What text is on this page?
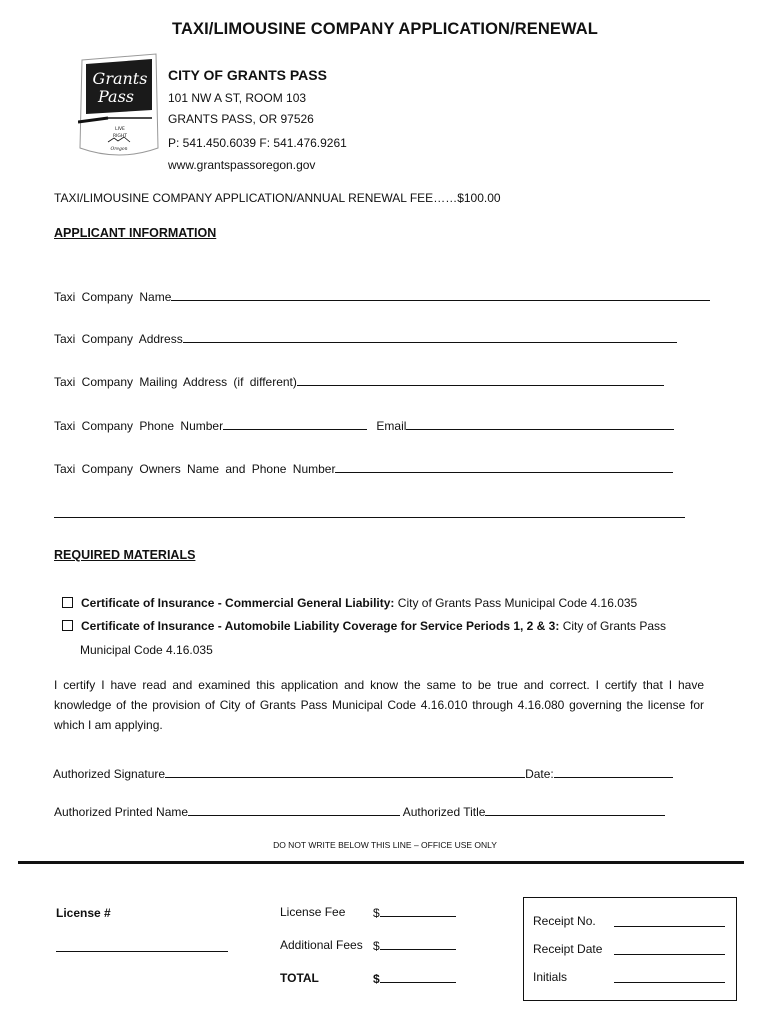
TAXI/LIMOUSINE COMPANY APPLICATION/RENEWAL
Grants
Pass
LIVE
RIGHT
Oregon
CITY OF GRANTS PASS
101 NW A ST, ROOM 103
GRANTS PASS, OR 97526
P: 541.450.6039 F: 541.476.9261
www.grantspassoregon.gov
TAXI/LIMOUSINE COMPANY APPLICATION/ANNUAL RENEWAL FEE……$100.00
APPLICANT INFORMATION
Taxi Company Name
Taxi Company Address
Taxi Company Mailing Address (if different)
Taxi Company Phone Number	Email
Taxi Company Owners Name and Phone Number
REQUIRED MATERIALS
Certificate of Insurance - Commercial General Liability: City of Grants Pass Municipal Code 4.16.035
Certificate of Insurance - Automobile Liability Coverage for Service Periods 1, 2 & 3: City of Grants Pass
Municipal Code 4.16.035
I certify I have read and examined this application and know the same to be true and correct. I certify that I have knowledge of the provision of City of Grants Pass Municipal Code 4.16.010 through 4.16.080 governing the license for which I am applying.
Authorized Signature	Date:
Authorized Printed Name	Authorized Title
DO NOT WRITE BELOW THIS LINE – OFFICE USE ONLY
License #	License Fee $
Additional Fees $
TOTAL	$
Receipt No.
Receipt Date
Initials
